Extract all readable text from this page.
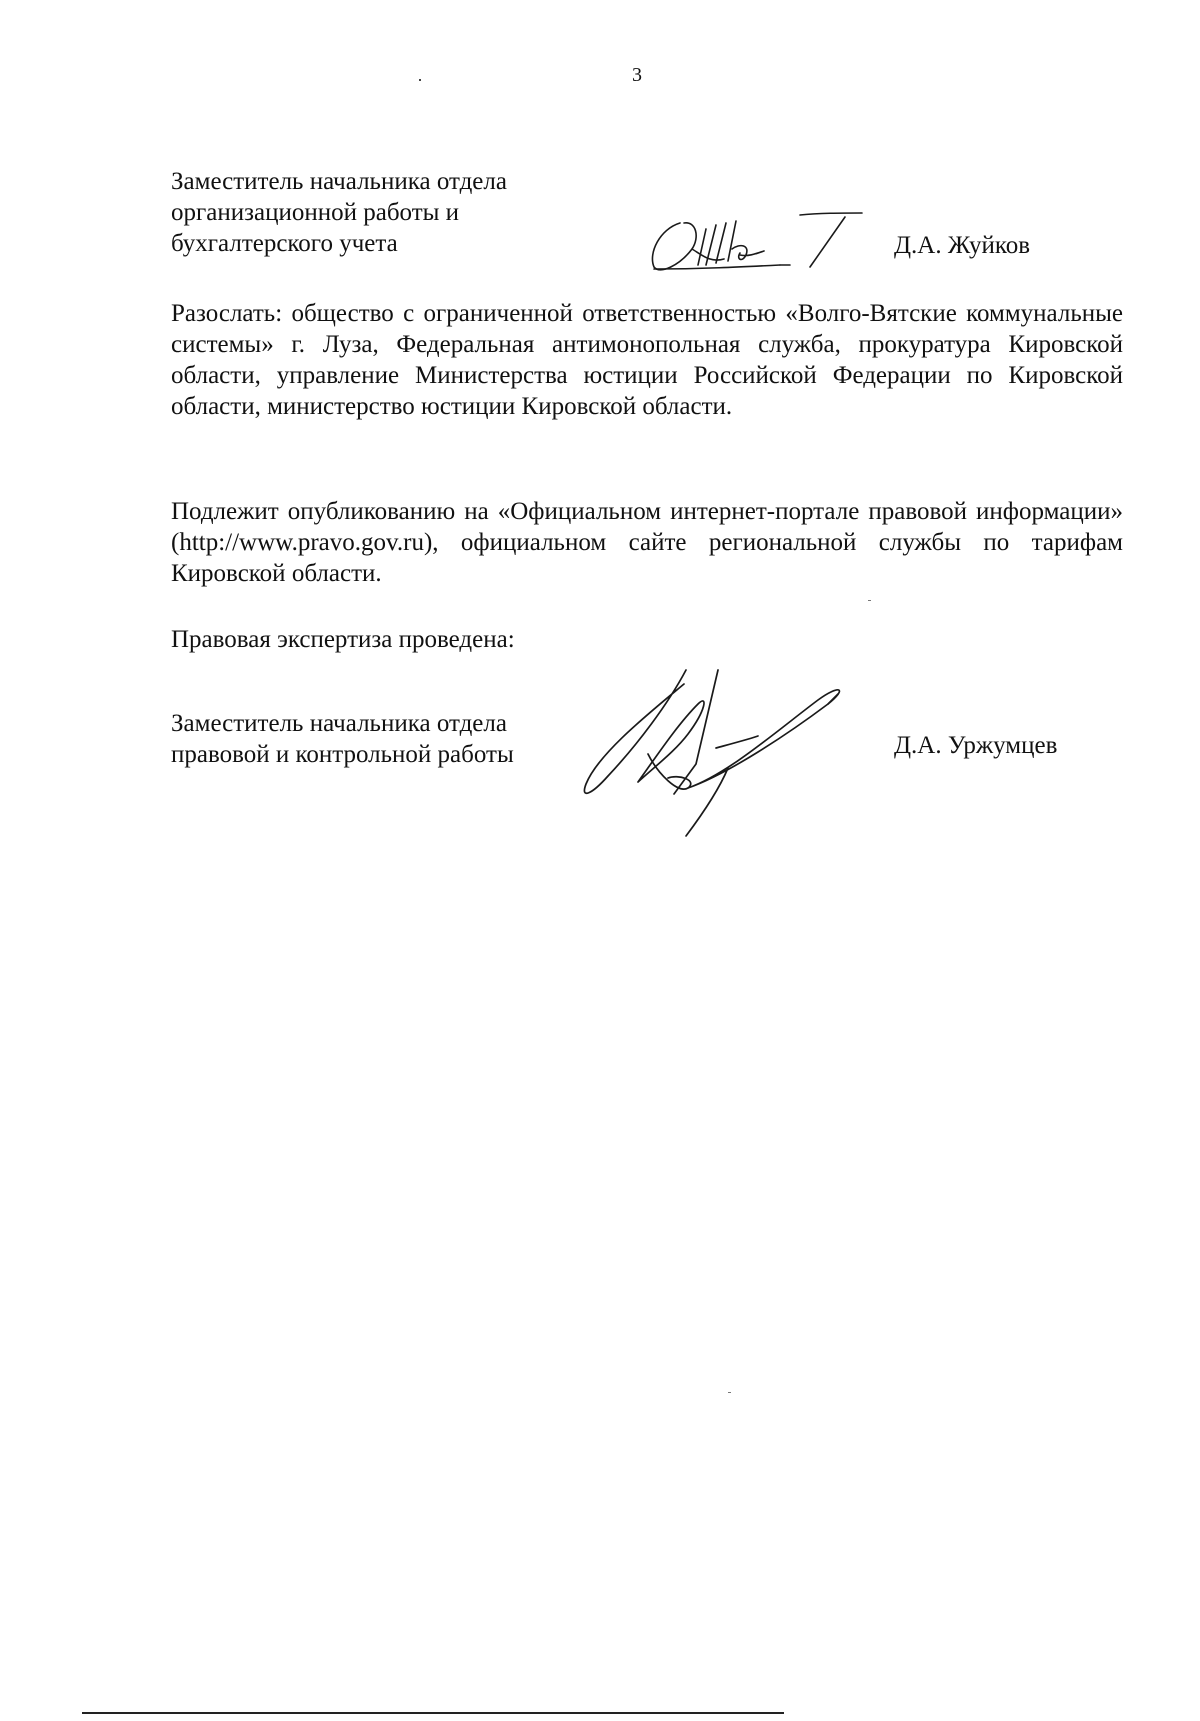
3
Заместитель начальника отдела
организационной работы и
бухгалтерского учета	Д.А. Жуйков

Разослать: общество с ограниченной ответственностью «Волго-Вятские коммунальные системы» г. Луза, Федеральная антимонопольная служба, прокуратура Кировской области, управление Министерства юстиции Российской Федерации по Кировской области, министерство юстиции Кировской области.

Подлежит опубликованию на «Официальном интернет-портале правовой информации» (http://www.pravo.gov.ru), официальном сайте региональной службы по тарифам Кировской области.

Правовая экспертиза проведена:
Заместитель начальника отдела
правовой и контрольной работы	Д.А. Уржумцев
